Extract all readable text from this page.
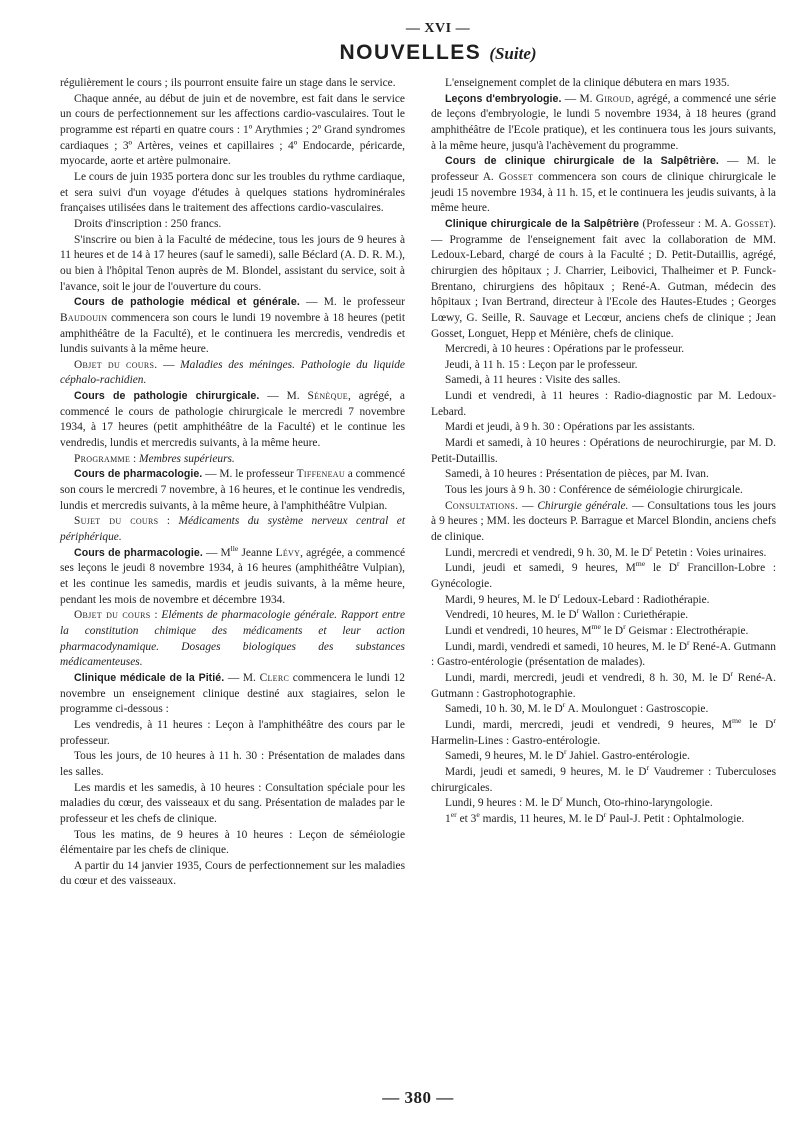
— XVI —
NOUVELLES (Suite)

régulièrement le cours ; ils pourront ensuite faire un stage dans le service.

Chaque année, au début de juin et de novembre, est fait dans le service un cours de perfectionnement sur les affections cardio-vasculaires. Tout le programme est réparti en quatre cours : 1º Arythmies ; 2º Grand syndromes cardiaques ; 3º Artères, veines et capillaires ; 4º Endocarde, péricarde, myocarde, aorte et artère pulmonaire.

Le cours de juin 1935 portera donc sur les troubles du rythme cardiaque, et sera suivi d'un voyage d'études à quelques stations hydrominérales françaises utilisées dans le traitement des affections cardio-vasculaires.

Droits d'inscription : 250 francs.

S'inscrire ou bien à la Faculté de médecine, tous les jours de 9 heures à 11 heures et de 14 à 17 heures (sauf le samedi), salle Béclard (A. D. R. M.), ou bien à l'hôpital Tenon auprès de M. Blondel, assistant du service, soit à l'avance, soit le jour de l'ouverture du cours.

Cours de pathologie médical et générale. — M. le professeur Baudouin commencera son cours le lundi 19 novembre à 18 heures (petit amphithéâtre de la Faculté), et le continuera les mercredis, vendredis et lundis suivants à la même heure.

Objet du cours. — Maladies des méninges. Pathologie du liquide céphalo-rachidien.

Cours de pathologie chirurgicale. — M. Sénèque, agrégé, a commencé le cours de pathologie chirurgicale le mercredi 7 novembre 1934, à 17 heures (petit amphithéâtre de la Faculté) et le continue les vendredis, lundis et mercredis suivants, à la même heure.

Programme : Membres supérieurs.

Cours de pharmacologie. — M. le professeur Tiffeneau a commencé son cours le mercredi 7 novembre, à 16 heures, et le continue les vendredis, lundis et mercredis suivants, à la même heure, à l'amphithéâtre Vulpian.

Sujet du cours : Médicaments du système nerveux central et périphérique.

Cours de pharmacologie. — $M^{lle}$ Jeanne Lévy, agrégée, a commencé ses leçons le jeudi 8 novembre 1934, à 16 heures (amphithéâtre Vulpian), et les continue les samedis, mardis et jeudis suivants, à la même heure, pendant les mois de novembre et décembre 1934.

Objet du cours : Eléments de pharmacologie générale. Rapport entre la constitution chimique des médicaments et leur action pharmacodynamique. Dosages biologiques des substances médicamenteuses.

Clinique médicale de la Pitié. — M. Clerc commencera le lundi 12 novembre un enseignement clinique destiné aux stagiaires, selon le programme ci-dessous :

Les vendredis, à 11 heures : Leçon à l'amphithéâtre des cours par le professeur.

Tous les jours, de 10 heures à 11 h. 30 : Présentation de malades dans les salles.

Les mardis et les samedis, à 10 heures : Consultation spéciale pour les maladies du cœur, des vaisseaux et du sang. Présentation de malades par le professeur et les chefs de clinique.

Tous les matins, de 9 heures à 10 heures : Leçon de séméiologie élémentaire par les chefs de clinique.

A partir du 14 janvier 1935, Cours de perfectionnement sur les maladies du cœur et des vaisseaux.

L'enseignement complet de la clinique débutera en mars 1935.

Leçons d'embryologie. — M. Giroud, agrégé, a commencé une série de leçons d'embryologie, le lundi 5 novembre 1934, à 18 heures (grand amphithéâtre de l'Ecole pratique), et les continuera tous les jours suivants, à la même heure, jusqu'à l'achèvement du programme.

Cours de clinique chirurgicale de la Salpêtrière. — M. le professeur A. Gosset commencera son cours de clinique chirurgicale le jeudi 15 novembre 1934, à 11 h. 15, et le continuera les jeudis suivants, à la même heure.

Clinique chirurgicale de la Salpêtrière (Professeur : M. A. Gosset). — Programme de l'enseignement fait avec la collaboration de MM. Ledoux-Lebard, chargé de cours à la Faculté ; D. Petit-Dutaillis, agrégé, chirurgien des hôpitaux ; J. Charrier, Leibovici, Thalheimer et P. Funck-Brentano, chirurgiens des hôpitaux ; René-A. Gutman, médecin des hôpitaux ; Ivan Bertrand, directeur à l'Ecole des Hautes-Etudes ; Georges Lœwy, G. Seille, R. Sauvage et Lecœur, anciens chefs de clinique ; Jean Gosset, Longuet, Hepp et Ménière, chefs de clinique.

Mercredi, à 10 heures : Opérations par le professeur.

Jeudi, à 11 h. 15 : Leçon par le professeur.

Samedi, à 11 heures : Visite des salles.

Lundi et vendredi, à 11 heures : Radio-diagnostic par M. Ledoux-Lebard.

Mardi et jeudi, à 9 h. 30 : Opérations par les assistants.

Mardi et samedi, à 10 heures : Opérations de neurochirurgie, par M. D. Petit-Dutaillis.

Samedi, à 10 heures : Présentation de pièces, par M. Ivan.

Tous les jours à 9 h. 30 : Conférence de séméiologie chirurgicale.

Consultations. — Chirurgie générale. — Consultations tous les jours à 9 heures ; MM. les docteurs P. Barrague et Marcel Blondin, anciens chefs de clinique.

Lundi, mercredi et vendredi, 9 h. 30, M. le $D^r$ Petetin : Voies urinaires.

Lundi, jeudi et samedi, 9 heures, $M^{me}$ le $D^r$ Francillon-Lobre : Gynécologie.

Mardi, 9 heures, M. le $D^r$ Ledoux-Lebard : Radiothérapie.

Vendredi, 10 heures, M. le $D^r$ Wallon : Curiethérapie.

Lundi et vendredi, 10 heures, $M^{me}$ le $D^r$ Geismar : Electrothérapie.

Lundi, mardi, vendredi et samedi, 10 heures, M. le $D^r$ René-A. Gutmann : Gastro-entérologie (présentation de malades).

Lundi, mardi, mercredi, jeudi et vendredi, 8 h. 30, M. le $D^r$ René-A. Gutmann : Gastrophotographie.

Samedi, 10 h. 30, M. le $D^r$ A. Moulonguet : Gastroscopie.

Lundi, mardi, mercredi, jeudi et vendredi, 9 heures, $M^{me}$ le $D^r$ Harmelin-Lines : Gastro-entérologie.

Samedi, 9 heures, M. le $D^r$ Jahiel. Gastro-entérologie.

Mardi, jeudi et samedi, 9 heures, M. le $D^r$ Vaudremer : Tuberculoses chirurgicales.

Lundi, 9 heures : M. le $D^r$ Munch, Oto-rhino-laryngologie.

1er et 3e mardis, 11 heures, M. le $D^r$ Paul-J. Petit : Ophtalmologie.

— 380 —
